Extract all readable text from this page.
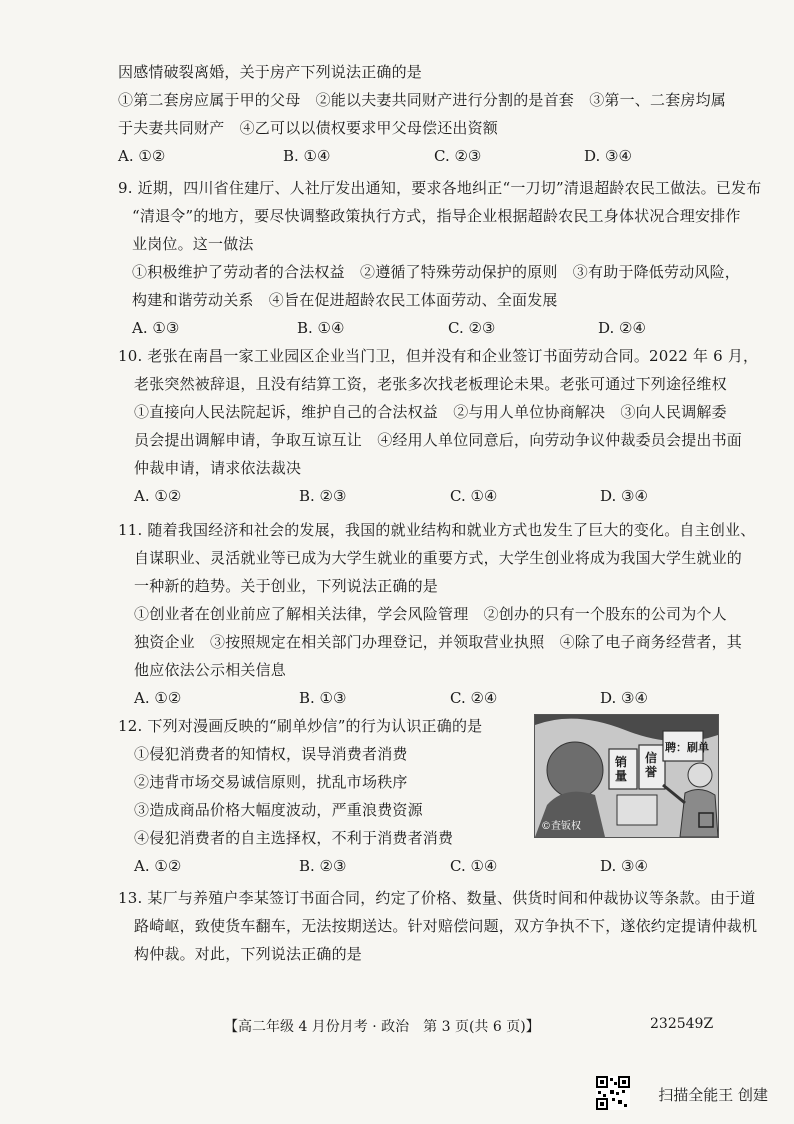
因感情破裂离婚，关于房产下列说法正确的是
①第二套房应属于甲的父母　②能以夫妻共同财产进行分割的是首套　③第一、二套房均属
于夫妻共同财产　④乙可以以债权要求甲父母偿还出资额
A. ①②	B. ①④	C. ②③	D. ③④
9. 近期，四川省住建厅、人社厅发出通知，要求各地纠正“一刀切”清退超龄农民工做法。已发布
“清退令”的地方，要尽快调整政策执行方式，指导企业根据超龄农民工身体状况合理安排作
业岗位。这一做法
①积极维护了劳动者的合法权益　②遵循了特殊劳动保护的原则　③有助于降低劳动风险，
构建和谐劳动关系　④旨在促进超龄农民工体面劳动、全面发展
A. ①③	B. ①④	C. ②③	D. ②④
10. 老张在南昌一家工业园区企业当门卫，但并没有和企业签订书面劳动合同。2022 年 6 月，
老张突然被辞退，且没有结算工资，老张多次找老板理论未果。老张可通过下列途径维权
①直接向人民法院起诉，维护自己的合法权益　②与用人单位协商解决　③向人民调解委
员会提出调解申请，争取互谅互让　④经用人单位同意后，向劳动争议仲裁委员会提出书面
仲裁申请，请求依法裁决
A. ①②	B. ②③	C. ①④	D. ③④
11. 随着我国经济和社会的发展，我国的就业结构和就业方式也发生了巨大的变化。自主创业、
自谋职业、灵活就业等已成为大学生就业的重要方式，大学生创业将成为我国大学生就业的
一种新的趋势。关于创业，下列说法正确的是
①创业者在创业前应了解相关法律，学会风险管理　②创办的只有一个股东的公司为个人
独资企业　③按照规定在相关部门办理登记，并领取营业执照　④除了电子商务经营者，其
他应依法公示相关信息
A. ①②	B. ①③	C. ②④	D. ③④
12. 下列对漫画反映的“刷单炒信”的行为认识正确的是
①侵犯消费者的知情权，误导消费者消费
②违背市场交易诚信原则，扰乱市场秩序
③造成商品价格大幅度波动，严重浪费资源
④侵犯消费者的自主选择权，不利于消费者消费
A. ①②	B. ②③	C. ①④	D. ③④
销量
信誉
聘：刷单
©査钣权
13. 某厂与养殖户李某签订书面合同，约定了价格、数量、供货时间和仲裁协议等条款。由于道
路崎岖，致使货车翻车，无法按期送达。针对赔偿问题，双方争执不下，遂依约定提请仲裁机
构仲裁。对此，下列说法正确的是
【高二年级 4 月份月考 · 政治　第 3 页(共 6 页)】	232549Z
扫描全能王 创建
